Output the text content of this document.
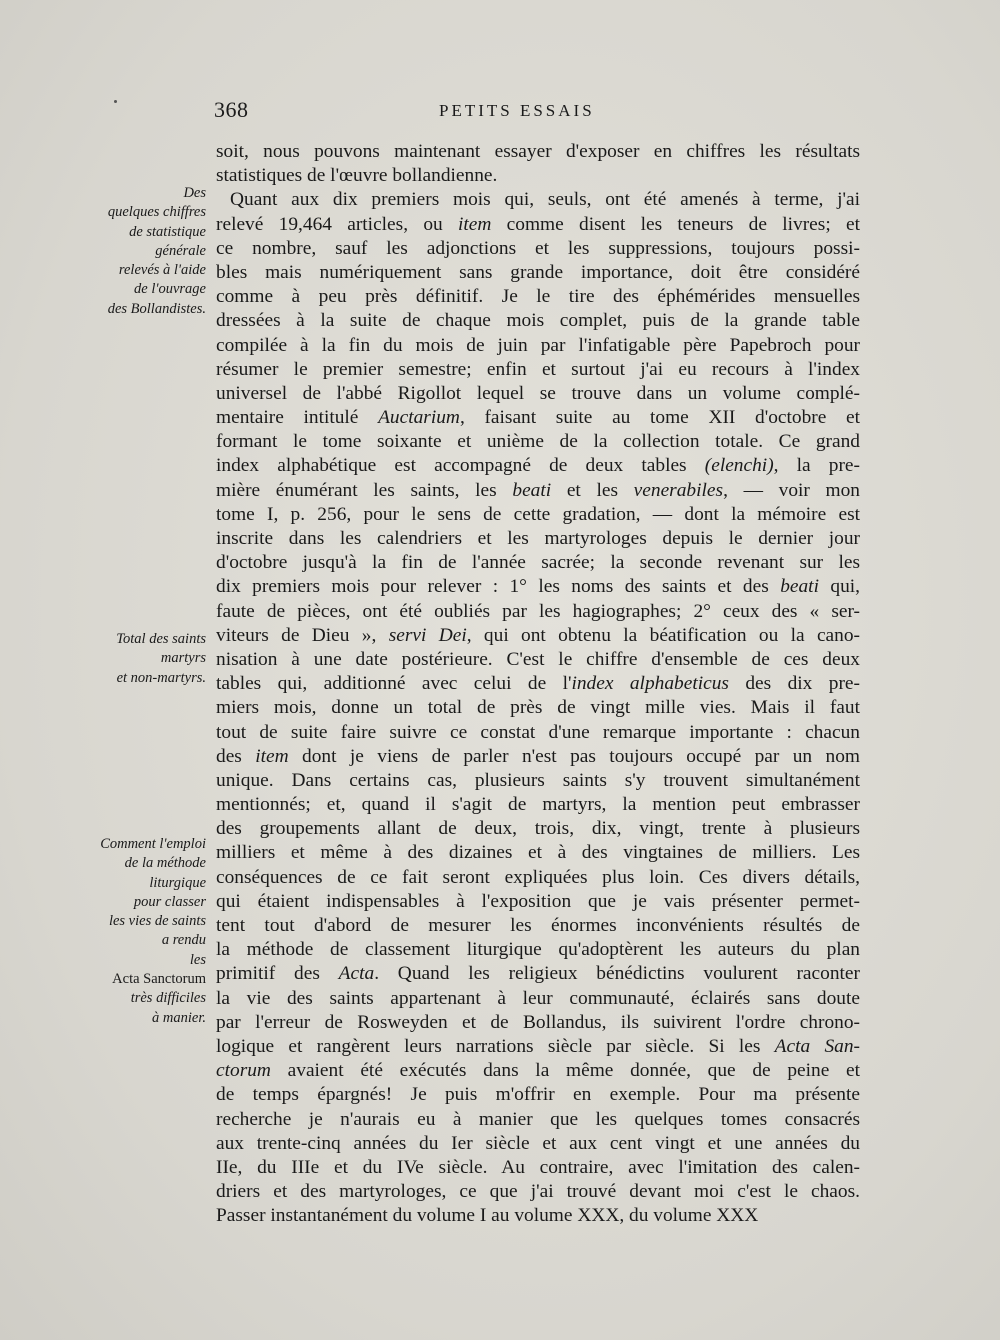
368	PETITS ESSAIS
Des
quelques chiffres
de statistique
générale
relevés à l'aide
de l'ouvrage
des Bollandistes.
Total des saints
martyrs
et non-martyrs.
Comment l'emploi
de la méthode
liturgique
pour classer
les vies de saints
a rendu
les
Acta Sanctorum
très difficiles
à manier.
soit, nous pouvons maintenant essayer d'exposer en chiffres les résultats
statistiques de l'œuvre bollandienne.
Quant aux dix premiers mois qui, seuls, ont été amenés à terme, j'ai
relevé 19,464 articles, ou item comme disent les teneurs de livres; et
ce nombre, sauf les adjonctions et les suppressions, toujours possi-
bles mais numériquement sans grande importance, doit être considéré
comme à peu près définitif. Je le tire des éphémérides mensuelles
dressées à la suite de chaque mois complet, puis de la grande table
compilée à la fin du mois de juin par l'infatigable père Papebroch pour
résumer le premier semestre; enfin et surtout j'ai eu recours à l'index
universel de l'abbé Rigollot lequel se trouve dans un volume complé-
mentaire intitulé Auctarium, faisant suite au tome XII d'octobre et
formant le tome soixante et unième de la collection totale. Ce grand
index alphabétique est accompagné de deux tables (elenchi), la pre-
mière énumérant les saints, les beati et les venerabiles, — voir mon
tome I, p. 256, pour le sens de cette gradation, — dont la mémoire est
inscrite dans les calendriers et les martyrologes depuis le dernier jour
d'octobre jusqu'à la fin de l'année sacrée; la seconde revenant sur les
dix premiers mois pour relever : 1° les noms des saints et des beati qui,
faute de pièces, ont été oubliés par les hagiographes; 2° ceux des « ser-
viteurs de Dieu », servi Dei, qui ont obtenu la béatification ou la cano-
nisation à une date postérieure. C'est le chiffre d'ensemble de ces deux
tables qui, additionné avec celui de l'index alphabeticus des dix pre-
miers mois, donne un total de près de vingt mille vies. Mais il faut
tout de suite faire suivre ce constat d'une remarque importante : chacun
des item dont je viens de parler n'est pas toujours occupé par un nom
unique. Dans certains cas, plusieurs saints s'y trouvent simultanément
mentionnés; et, quand il s'agit de martyrs, la mention peut embrasser
des groupements allant de deux, trois, dix, vingt, trente à plusieurs
milliers et même à des dizaines et à des vingtaines de milliers. Les
conséquences de ce fait seront expliquées plus loin. Ces divers détails,
qui étaient indispensables à l'exposition que je vais présenter permet-
tent tout d'abord de mesurer les énormes inconvénients résultés de
la méthode de classement liturgique qu'adoptèrent les auteurs du plan
primitif des Acta. Quand les religieux bénédictins voulurent raconter
la vie des saints appartenant à leur communauté, éclairés sans doute
par l'erreur de Rosweyden et de Bollandus, ils suivirent l'ordre chrono-
logique et rangèrent leurs narrations siècle par siècle. Si les Acta San-
ctorum avaient été exécutés dans la même donnée, que de peine et
de temps épargnés! Je puis m'offrir en exemple. Pour ma présente
recherche je n'aurais eu à manier que les quelques tomes consacrés
aux trente-cinq années du Ier siècle et aux cent vingt et une années du
IIe, du IIIe et du IVe siècle. Au contraire, avec l'imitation des calen-
driers et des martyrologes, ce que j'ai trouvé devant moi c'est le chaos.
Passer instantanément du volume I au volume XXX, du volume XXX
